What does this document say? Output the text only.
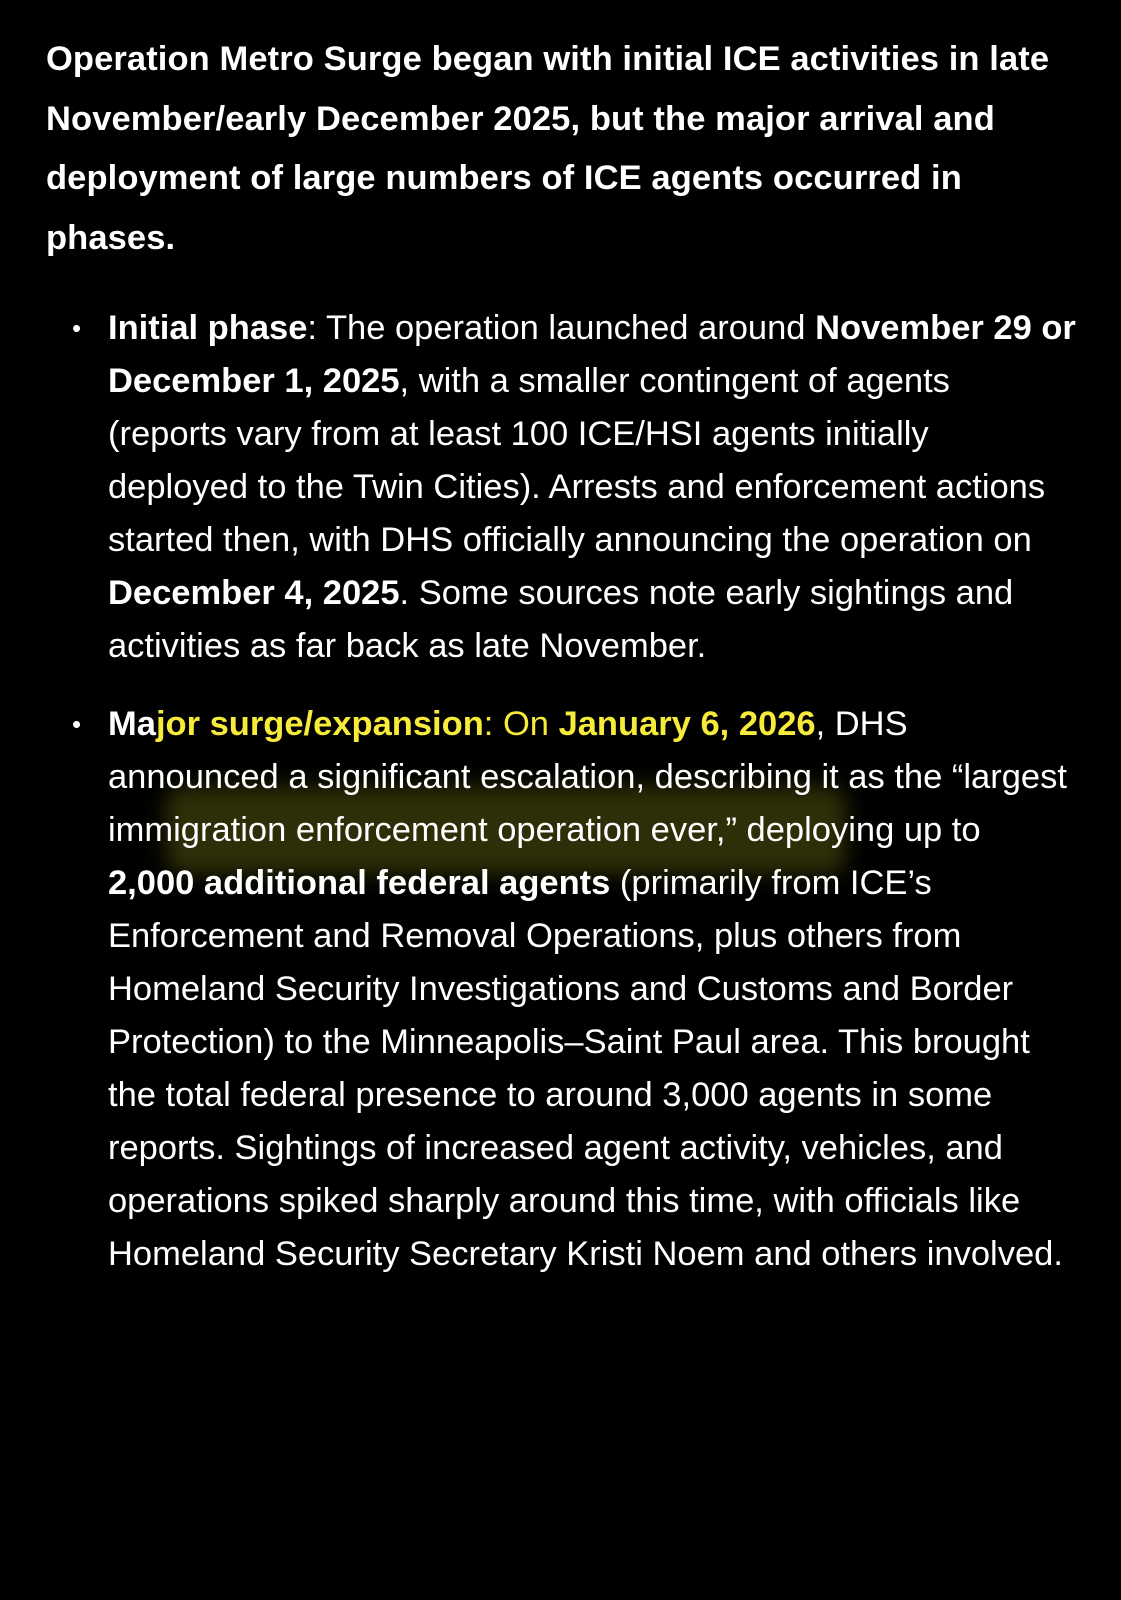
Operation Metro Surge began with initial ICE activities in late November/early December 2025, but the major arrival and deployment of large numbers of ICE agents occurred in phases.

• Initial phase: The operation launched around November 29 or December 1, 2025, with a smaller contingent of agents (reports vary from at least 100 ICE/HSI agents initially deployed to the Twin Cities). Arrests and enforcement actions started then, with DHS officially announcing the operation on December 4, 2025. Some sources note early sightings and activities as far back as late November.
• Major surge/expansion: On January 6, 2026, DHS announced a significant escalation, describing it as the “largest immigration enforcement operation ever,” deploying up to 2,000 additional federal agents (primarily from ICE’s Enforcement and Removal Operations, plus others from Homeland Security Investigations and Customs and Border Protection) to the Minneapolis–Saint Paul area. This brought the total federal presence to around 3,000 agents in some reports. Sightings of increased agent activity, vehicles, and operations spiked sharply around this time, with officials like Homeland Security Secretary Kristi Noem and others involved.
